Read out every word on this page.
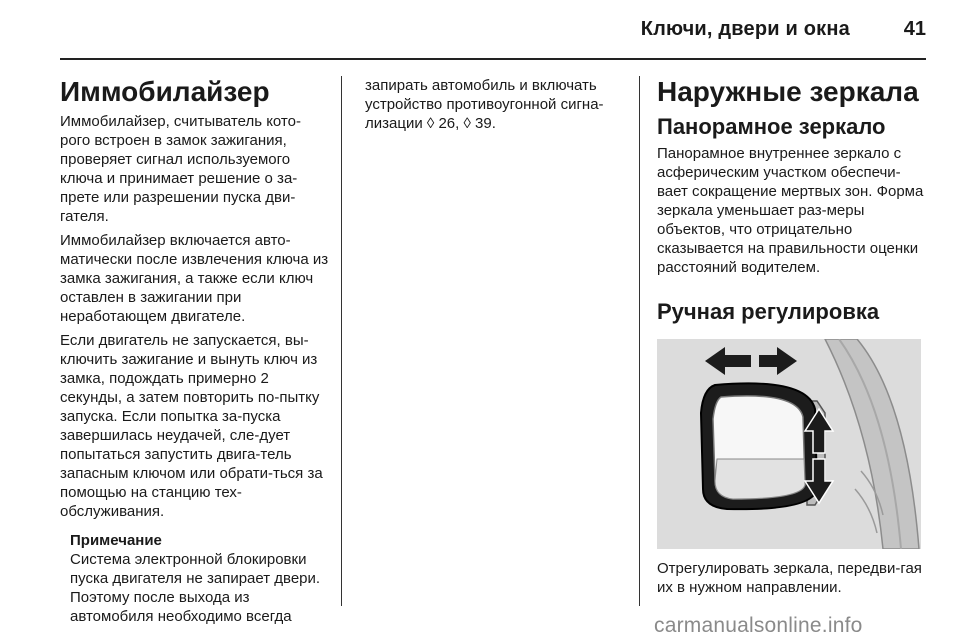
Ключи, двери и окна	41
Иммобилайзер

Иммобилайзер, считыватель кото-рого встроен в замок зажигания, проверяет сигнал используемого ключа и принимает решение о за-прете или разрешении пуска дви-гателя.

Иммобилайзер включается авто-матически после извлечения ключа из замка зажигания, а также если ключ оставлен в зажигании при неработающем двигателе.

Если двигатель не запускается, вы-ключить зажигание и вынуть ключ из замка, подождать примерно 2 секунды, а затем повторить по-пытку запуска. Если попытка за-пуска завершилась неудачей, сле-дует попытаться запустить двига-тель запасным ключом или обрати-ться за помощью на станцию тех-обслуживания.

Примечание

Система электронной блокировки пуска двигателя не запирает двери. Поэтому после выхода из автомобиля необходимо всегда

запирать автомобиль и включать устройство противоугонной сигна-лизации ◊ 26, ◊ 39.

Наружные зеркала
Панорамное зеркало

Панорамное внутреннее зеркало с асферическим участком обеспечи-вает сокращение мертвых зон. Форма зеркала уменьшает раз-меры объектов, что отрицательно сказывается на правильности оценки расстояний водителем.

Ручная регулировка

Отрегулировать зеркала, передви-гая их в нужном направлении.

carmanualsonline.info
